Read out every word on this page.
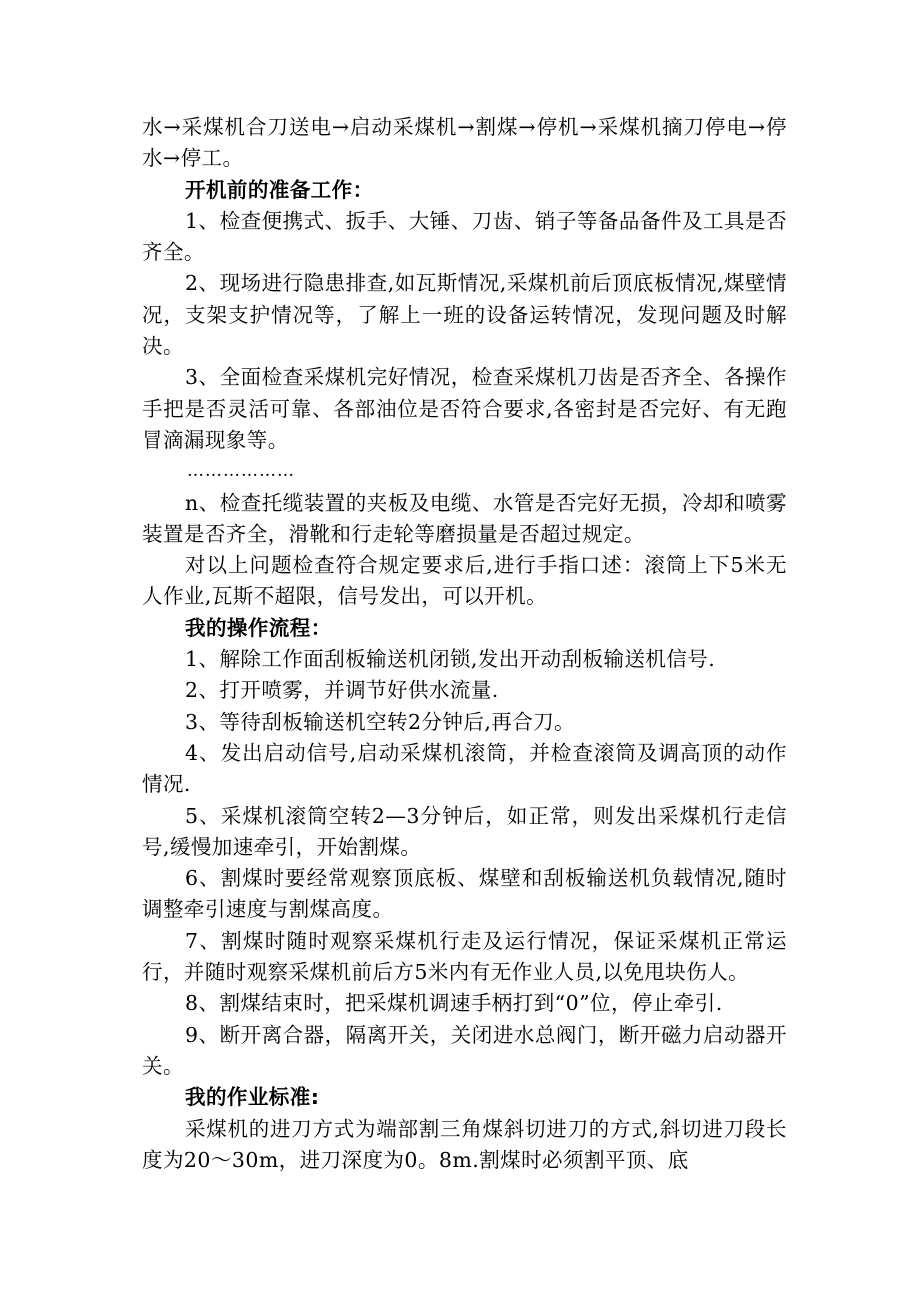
水→采煤机合刀送电→启动采煤机→割煤→停机→采煤机摘刀停电→停水→停工。

开机前的准备工作：

1、检查便携式、扳手、大锤、刀齿、销子等备品备件及工具是否齐全。

2、现场进行隐患排查,如瓦斯情况,采煤机前后顶底板情况,煤壁情况，支架支护情况等，了解上一班的设备运转情况，发现问题及时解决。

3、全面检查采煤机完好情况，检查采煤机刀齿是否齐全、各操作手把是否灵活可靠、各部油位是否符合要求,各密封是否完好、有无跑冒滴漏现象等。

………………

n、检查托缆装置的夹板及电缆、水管是否完好无损，冷却和喷雾装置是否齐全，滑靴和行走轮等磨损量是否超过规定。

对以上问题检查符合规定要求后,进行手指口述：滚筒上下5米无人作业,瓦斯不超限，信号发出，可以开机。

我的操作流程：

1、解除工作面刮板输送机闭锁,发出开动刮板输送机信号.

2、打开喷雾，并调节好供水流量.

3、等待刮板输送机空转2分钟后,再合刀。

4、发出启动信号,启动采煤机滚筒，并检查滚筒及调高顶的动作情况.

5、采煤机滚筒空转2—3分钟后，如正常，则发出采煤机行走信号,缓慢加速牵引，开始割煤。

6、割煤时要经常观察顶底板、煤壁和刮板输送机负载情况,随时调整牵引速度与割煤高度。

7、割煤时随时观察采煤机行走及运行情况，保证采煤机正常运行，并随时观察采煤机前后方5米内有无作业人员,以免甩块伤人。

8、割煤结束时，把采煤机调速手柄打到“0”位，停止牵引.

9、断开离合器，隔离开关，关闭进水总阀门，断开磁力启动器开关。

我的作业标准:

采煤机的进刀方式为端部割三角煤斜切进刀的方式,斜切进刀段长度为20～30m，进刀深度为0。8m.割煤时必须割平顶、底
